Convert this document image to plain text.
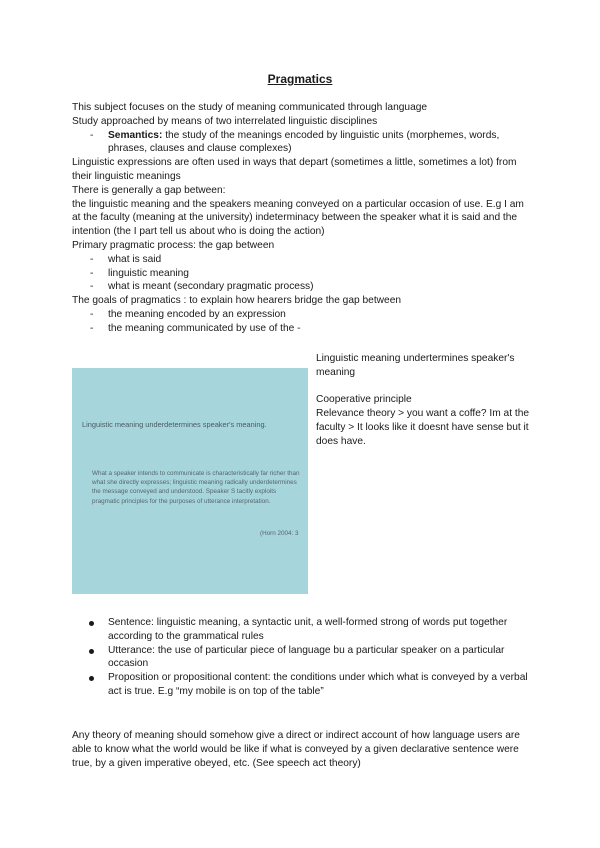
Pragmatics

This subject focuses on the study of meaning communicated through language

Study approached by means of two interrelated linguistic disciplines

- Semantics: the study of the meanings encoded by linguistic units (morphemes, words, phrases, clauses and clause complexes)

Linguistic expressions are often used in ways that depart (sometimes a little, sometimes a lot) from their linguistic meanings

There is generally a gap between:

the linguistic meaning and the speakers meaning conveyed on a particular occasion of use. E.g I am at the faculty (meaning at the university) indeterminacy between the speaker what it is said and the intention (the I part tell us about who is doing the action)

Primary pragmatic process: the gap between

- what is said
- linguistic meaning
- what is meant (secondary pragmatic process)

The goals of pragmatics : to explain how hearers bridge the gap between

- the meaning encoded by an expression
- the meaning communicated by use of the -

Linguistic meaning undertermines speaker's meaning

Cooperative principle

Relevance theory > you want a coffe? Im at the faculty > It looks like it doesnt have sense but it does have.

Linguistic meaning underdetermines speaker's meaning.
What a speaker intends to communicate is characteristically far richer than what she directly expresses; linguistic meaning radically underdetermines the message conveyed and understood. Speaker S tacitly exploits pragmatic principles for the purposes of utterance interpretation.
(Horn 2004: 3
Sentence: linguistic meaning, a syntactic unit, a well-formed strong of words put together according to the grammatical rules
Utterance: the use of particular piece of language bu a particular speaker on a particular occasion
Proposition or propositional content: the conditions under which what is conveyed by a verbal act is true. E.g “my mobile is on top of the table”

Any theory of meaning should somehow give a direct or indirect account of how language users are able to know what the world would be like if what is conveyed by a given declarative sentence were true, by a given imperative obeyed, etc. (See speech act theory)
